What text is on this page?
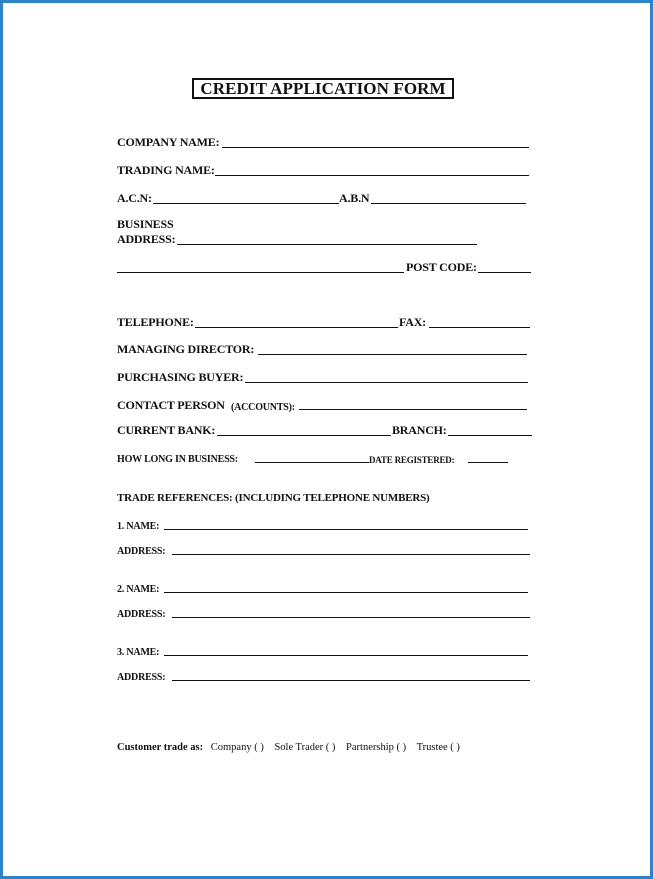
CREDIT APPLICATION FORM
COMPANY NAME:
TRADING NAME:
A.C.N:	A.B.N
BUSINESS
ADDRESS:
POST CODE:
TELEPHONE:	FAX:
MANAGING DIRECTOR:
PURCHASING BUYER:
CONTACT PERSON (ACCOUNTS):
CURRENT BANK:	BRANCH:
HOW LONG IN BUSINESS:	DATE REGISTERED:
TRADE REFERENCES: (INCLUDING TELEPHONE NUMBERS)
1. NAME:
ADDRESS:
2. NAME:
ADDRESS:
3. NAME:
ADDRESS:
Customer trade as: Company ( ) Sole Trader ( ) Partnership ( ) Trustee ( )
